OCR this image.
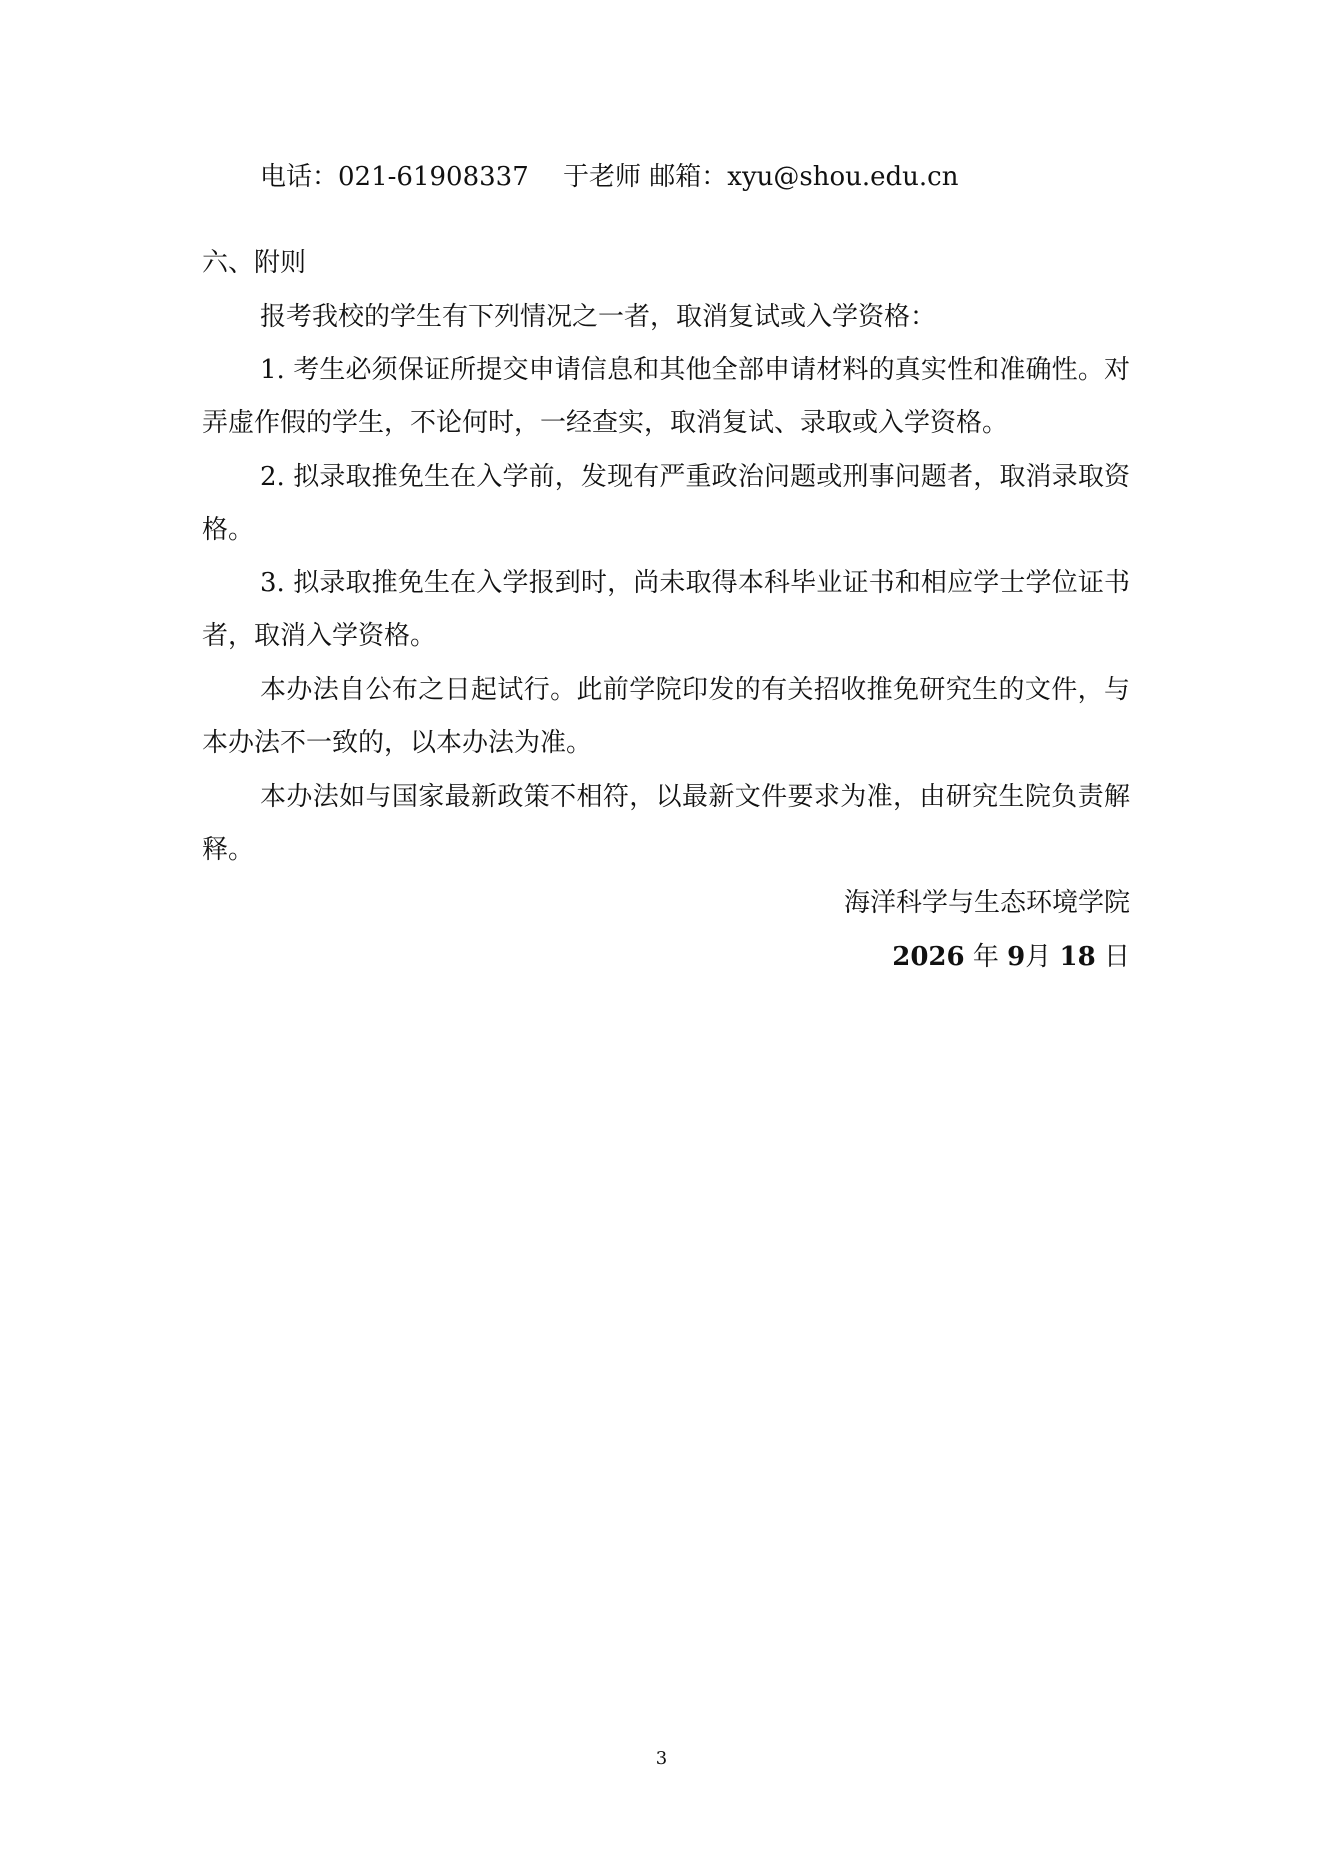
电话：021-61908337　 于老师 邮箱：xyu@shou.edu.cn
六、附则
报考我校的学生有下列情况之一者，取消复试或入学资格：
1. 考生必须保证所提交申请信息和其他全部申请材料的真实性和准确性。对
弄虚作假的学生，不论何时，一经查实，取消复试、录取或入学资格。
2. 拟录取推免生在入学前，发现有严重政治问题或刑事问题者，取消录取资
格。
3. 拟录取推免生在入学报到时，尚未取得本科毕业证书和相应学士学位证书
者，取消入学资格。
本办法自公布之日起试行。此前学院印发的有关招收推免研究生的文件，与
本办法不一致的，以本办法为准。
本办法如与国家最新政策不相符，以最新文件要求为准，由研究生院负责解
释。
海洋科学与生态环境学院
2026 年 9月 18 日
3
